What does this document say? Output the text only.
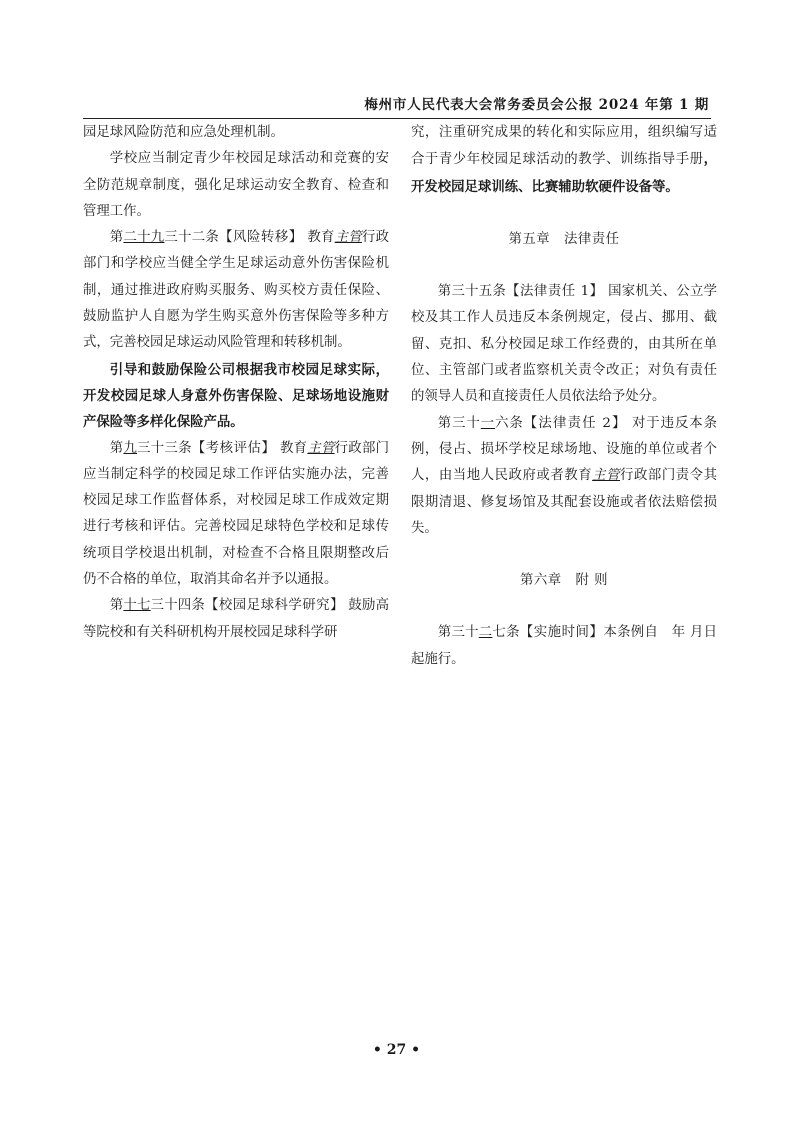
梅州市人民代表大会常务委员会公报 2024 年第 1 期

园足球风险防范和应急处理机制。

学校应当制定青少年校园足球活动和竞赛的安全防范规章制度，强化足球运动安全教育、检查和管理工作。

第二十九三十二条【风险转移】 教育主管行政部门和学校应当健全学生足球运动意外伤害保险机制，通过推进政府购买服务、购买校方责任保险、鼓励监护人自愿为学生购买意外伤害保险等多种方式，完善校园足球运动风险管理和转移机制。

引导和鼓励保险公司根据我市校园足球实际，开发校园足球人身意外伤害保险、足球场地设施财产保险等多样化保险产品。

第九三十三条【考核评估】 教育主管行政部门应当制定科学的校园足球工作评估实施办法，完善校园足球工作监督体系，对校园足球工作成效定期进行考核和评估。完善校园足球特色学校和足球传统项目学校退出机制，对检查不合格且限期整改后仍不合格的单位，取消其命名并予以通报。

第十七三十四条【校园足球科学研究】 鼓励高等院校和有关科研机构开展校园足球科学研

究，注重研究成果的转化和实际应用，组织编写适合于青少年校园足球活动的教学、训练指导手册，开发校园足球训练、比赛辅助软硬件设备等。

第五章　法律责任

第三十五条【法律责任 1】 国家机关、公立学校及其工作人员违反本条例规定，侵占、挪用、截留、克扣、私分校园足球工作经费的，由其所在单位、主管部门或者监察机关责令改正；对负有责任的领导人员和直接责任人员依法给予处分。

第三十一六条【法律责任 2】 对于违反本条例，侵占、损坏学校足球场地、设施的单位或者个人，由当地人民政府或者教育主管行政部门责令其限期清退、修复场馆及其配套设施或者依法赔偿损失。

第六章　附 则

第三十二七条【实施时间】本条例自　年 月日起施行。

• 27 •
